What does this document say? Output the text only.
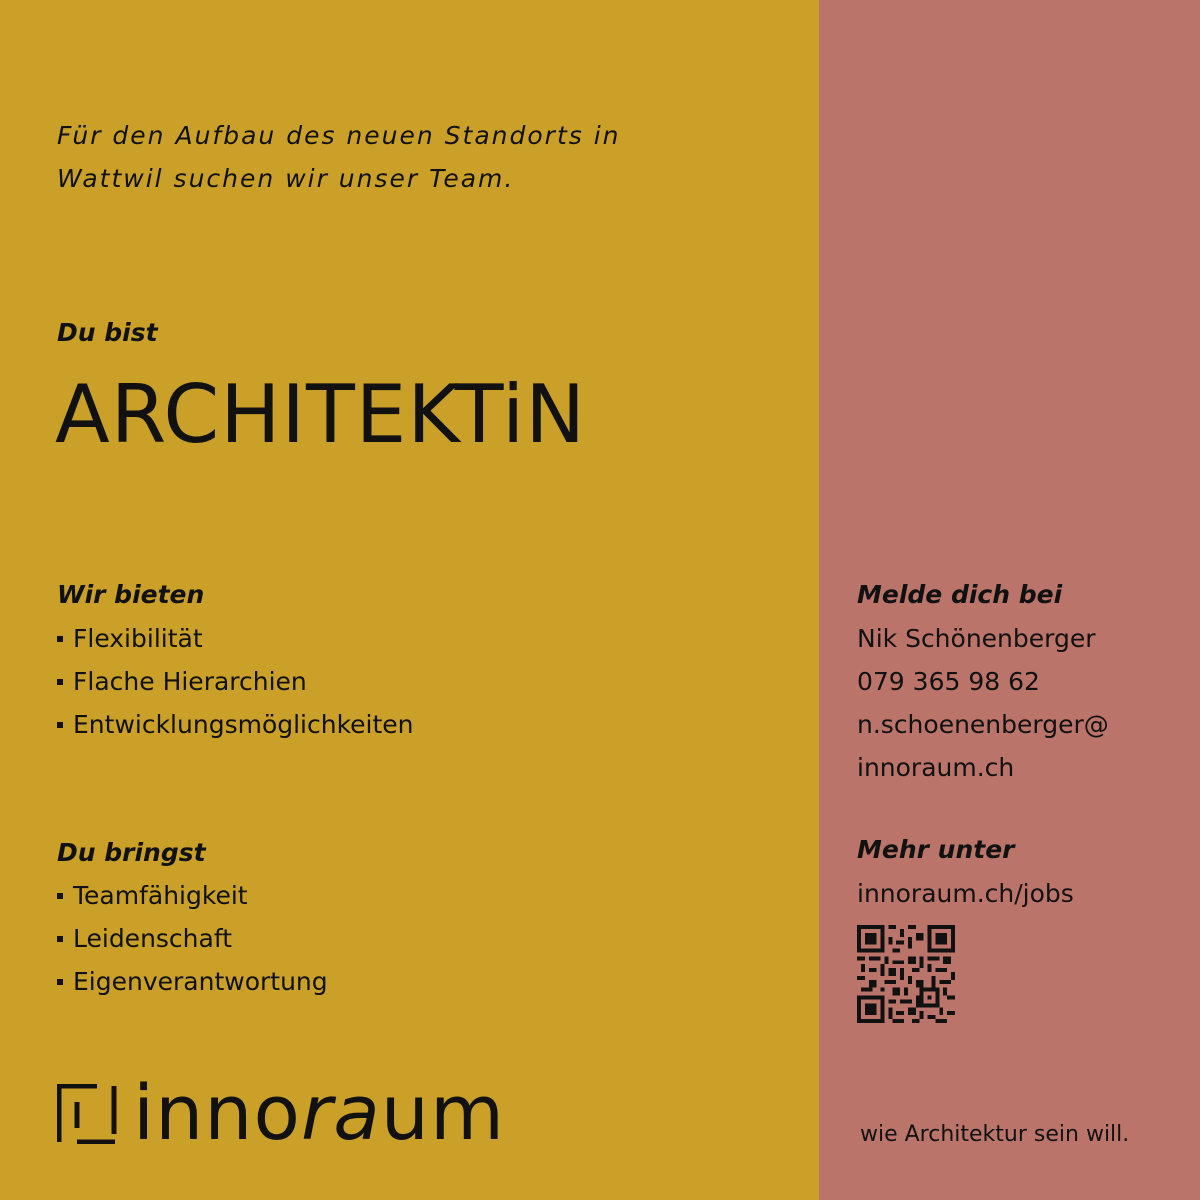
Für den Aufbau des neuen Standorts in
Wattwil suchen wir unser Team.

Du bist
ARCHITEKTiN
Wir bieten
Flexibilität
Flache Hierarchien
Entwicklungsmöglichkeiten
Du bringst
Teamfähigkeit
Leidenschaft
Eigenverantwortung
Melde dich bei
Nik Schönenberger
079 365 98 62
n.schoenenberger@
innoraum.ch
Mehr unter
innoraum.ch/jobs
innoraum	wie Architektur sein will.
